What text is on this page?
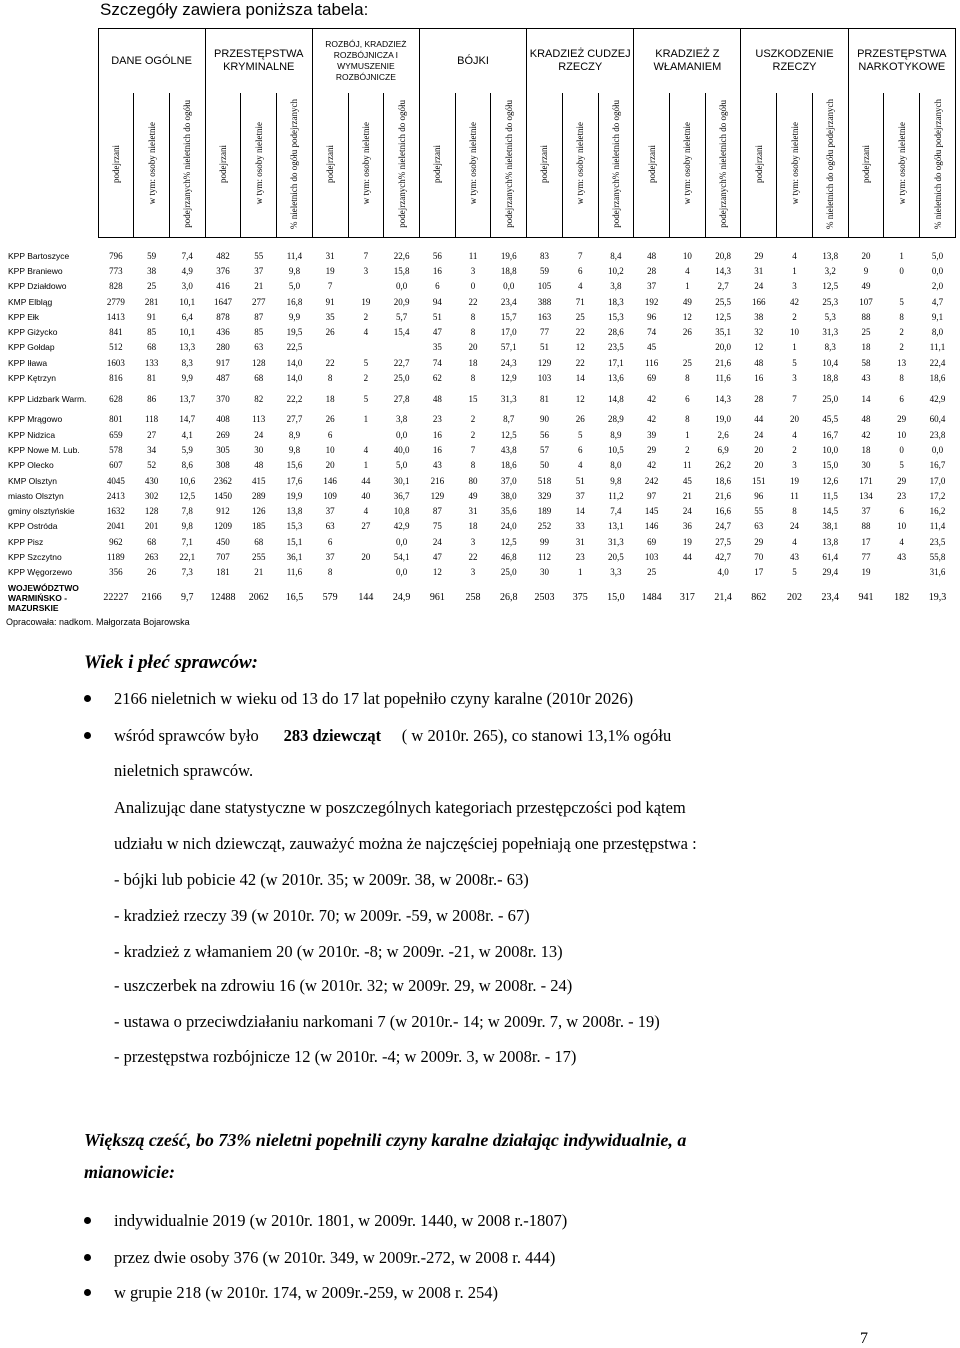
Szczegóły zawiera poniższa tabela:
	DANE OGÓLNE			PRZESTĘPSTWA KRYMINALNE			ROZBÓJ, KRADZIEŻ ROZBÓJNICZA I WYMUSZENIE ROZBÓJNICZE			BÓJKI			KRADZIEŻ CUDZEJ RZECZY			KRADZIEŻ Z WŁAMANIEM			USZKODZENIE RZECZY			PRZESTĘPSTWA NARKOTYKOWE		
	podejrzani	w tym: osoby nieletnie	podejrzanych% nieletnich do ogółu	podejrzani	w tym: osoby nieletnie	% nieletnich do ogółu podejrzanych	podejrzani	w tym: osoby nieletnie	podejrzanych% nieletnich do ogółu	podejrzani	w tym: osoby nieletnie	podejrzanych% nieletnich do ogółu	podejrzani	w tym: osoby nieletnie	podejrzanych% nieletnich do ogółu	podejrzani	w tym: osoby nieletnie	podejrzanych% nieletnich do ogółu	podejrzani	w tym: osoby nieletnie	% nieletnich do ogółu podejrzanych	podejrzani	w tym: osoby nieletnie	% nieletnich do ogółu podejrzanych

KPP Bartoszyce	796	59	7,4	482	55	11,4	31	7	22,6	56	11	19,6	83	7	8,4	48	10	20,8	29	4	13,8	20	1	5,0
KPP Braniewo	773	38	4,9	376	37	9,8	19	3	15,8	16	3	18,8	59	6	10,2	28	4	14,3	31	1	3,2	9	0	0,0
KPP Działdowo	828	25	3,0	416	21	5,0	7		0,0	6	0	0,0	105	4	3,8	37	1	2,7	24	3	12,5	49		2,0
KMP Elbląg	2779	281	10,1	1647	277	16,8	91	19	20,9	94	22	23,4	388	71	18,3	192	49	25,5	166	42	25,3	107	5	4,7
KPP Ełk	1413	91	6,4	878	87	9,9	35	2	5,7	51	8	15,7	163	25	15,3	96	12	12,5	38	2	5,3	88	8	9,1
KPP Giżycko	841	85	10,1	436	85	19,5	26	4	15,4	47	8	17,0	77	22	28,6	74	26	35,1	32	10	31,3	25	2	8,0
KPP Gołdap	512	68	13,3	280	63	22,5				35	20	57,1	51	12	23,5	45		20,0	12	1	8,3	18	2	11,1
KPP Iława	1603	133	8,3	917	128	14,0	22	5	22,7	74	18	24,3	129	22	17,1	116	25	21,6	48	5	10,4	58	13	22,4
KPP Kętrzyn	816	81	9,9	487	68	14,0	8	2	25,0	62	8	12,9	103	14	13,6	69	8	11,6	16	3	18,8	43	8	18,6
KPP Lidzbark Warm.	628	86	13,7	370	82	22,2	18	5	27,8	48	15	31,3	81	12	14,8	42	6	14,3	28	7	25,0	14	6	42,9
KPP Mrągowo	801	118	14,7	408	113	27,7	26	1	3,8	23	2	8,7	90	26	28,9	42	8	19,0	44	20	45,5	48	29	60,4
KPP Nidzica	659	27	4,1	269	24	8,9	6		0,0	16	2	12,5	56	5	8,9	39	1	2,6	24	4	16,7	42	10	23,8
KPP Nowe M. Lub.	578	34	5,9	305	30	9,8	10	4	40,0	16	7	43,8	57	6	10,5	29	2	6,9	20	2	10,0	18	0	0,0
KPP Olecko	607	52	8,6	308	48	15,6	20	1	5,0	43	8	18,6	50	4	8,0	42	11	26,2	20	3	15,0	30	5	16,7
KMP Olsztyn	4045	430	10,6	2362	415	17,6	146	44	30,1	216	80	37,0	518	51	9,8	242	45	18,6	151	19	12,6	171	29	17,0
miasto Olsztyn	2413	302	12,5	1450	289	19,9	109	40	36,7	129	49	38,0	329	37	11,2	97	21	21,6	96	11	11,5	134	23	17,2
gminy olsztyńskie	1632	128	7,8	912	126	13,8	37	4	10,8	87	31	35,6	189	14	7,4	145	24	16,6	55	8	14,5	37	6	16,2
KPP Ostróda	2041	201	9,8	1209	185	15,3	63	27	42,9	75	18	24,0	252	33	13,1	146	36	24,7	63	24	38,1	88	10	11,4
KPP Pisz	962	68	7,1	450	68	15,1	6		0,0	24	3	12,5	99	31	31,3	69	19	27,5	29	4	13,8	17	4	23,5
KPP Szczytno	1189	263	22,1	707	255	36,1	37	20	54,1	47	22	46,8	112	23	20,5	103	44	42,7	70	43	61,4	77	43	55,8
KPP Węgorzewo	356	26	7,3	181	21	11,6	8		0,0	12	3	25,0	30	1	3,3	25		4,0	17	5	29,4	19		31,6
WOJEWÓDZTWO WARMIŃSKO -MAZURSKIE	22227	2166	9,7	12488	2062	16,5	579	144	24,9	961	258	26,8	2503	375	15,0	1484	317	21,4	862	202	23,4	941	182	19,3
Opracowała: nadkom. Małgorzata Bojarowska
Wiek i płeć sprawców:
2166 nieletnich w wieku od 13 do 17 lat popełniło czyny karalne (2010r 2026)
wśród sprawców było 283 dziewcząt ( w 2010r. 265), co stanowi 13,1% ogółu
nieletnich sprawców.
Analizując dane statystyczne w poszczególnych kategoriach przestępczości pod kątem
udziału w nich dziewcząt, zauważyć można że najczęściej popełniają one przestępstwa :
- bójki lub pobicie 42 (w 2010r. 35; w 2009r. 38, w 2008r.- 63)
- kradzież rzeczy 39 (w 2010r. 70; w 2009r. -59, w 2008r. - 67)
- kradzież z włamaniem 20 (w 2010r. -8; w 2009r. -21, w 2008r. 13)
- uszczerbek na zdrowiu 16 (w 2010r. 32; w 2009r. 29, w 2008r. - 24)
- ustawa o przeciwdziałaniu narkomani 7 (w 2010r.- 14; w 2009r. 7, w 2008r. - 19)
- przestępstwa rozbójnicze 12 (w 2010r. -4; w 2009r. 3, w 2008r. - 17)
Większą cześć, bo 73% nieletni popełnili czyny karalne działając indywidualnie, a
mianowicie:
indywidualnie 2019 (w 2010r. 1801, w 2009r. 1440, w 2008 r.-1807)
przez dwie osoby 376 (w 2010r. 349, w 2009r.-272, w 2008 r. 444)
w grupie 218 (w 2010r. 174, w 2009r.-259, w 2008 r. 254)
7
